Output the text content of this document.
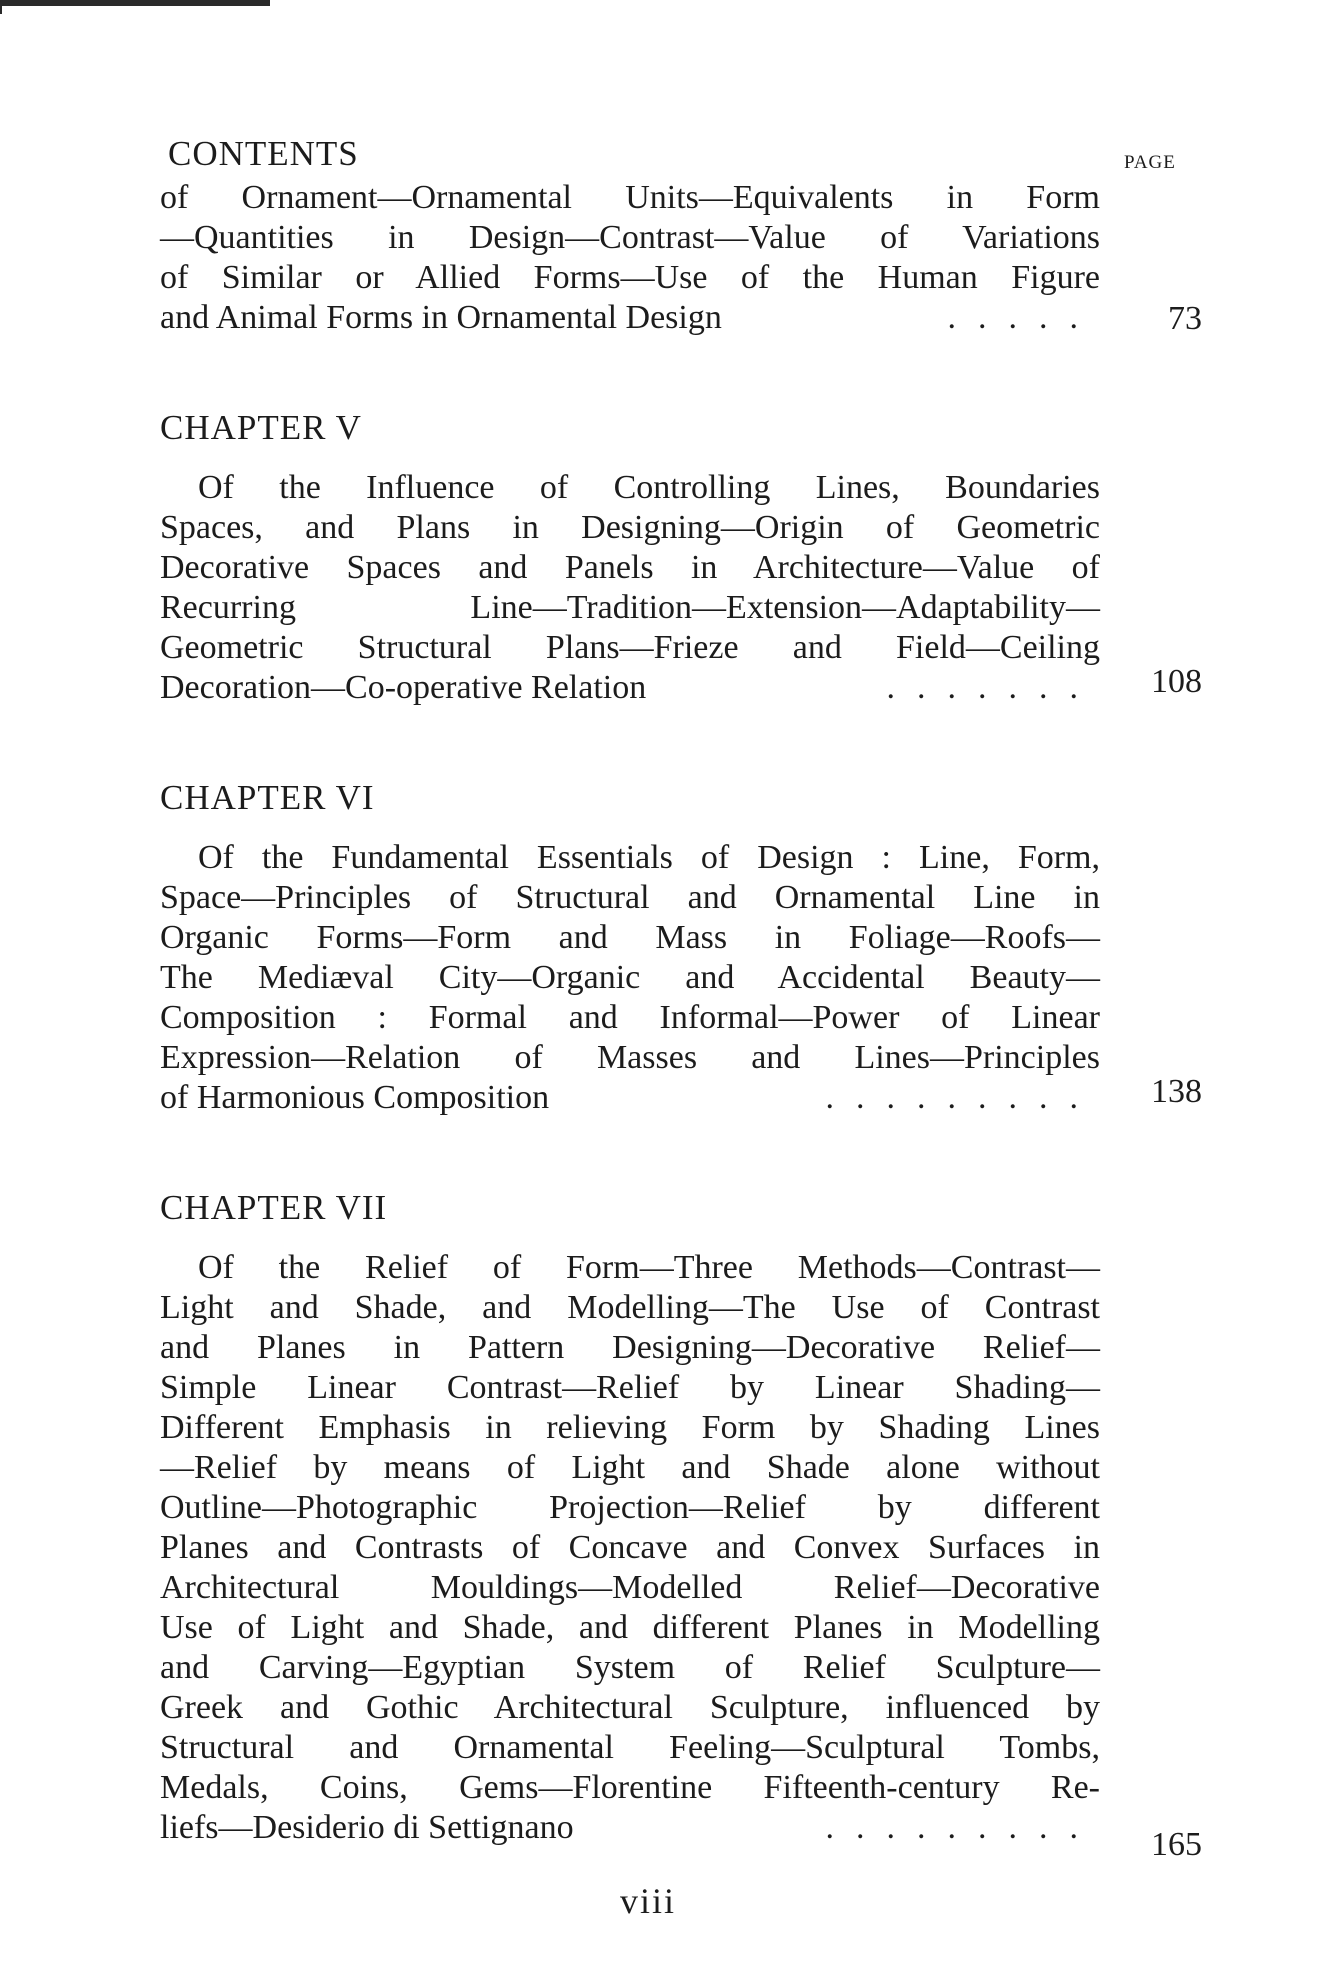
CONTENTS	PAGE
of Ornament—Ornamental Units—Equivalents in Form
—Quantities in Design—Contrast—Value of Variations
of Similar or Allied Forms—Use of the Human Figure
and Animal Forms in Ornamental Design	.....	73
CHAPTER V
Of the Influence of Controlling Lines, Boundaries
Spaces, and Plans in Designing—Origin of Geometric
Decorative Spaces and Panels in Architecture—Value of
Recurring Line—Tradition—Extension—Adaptability—
Geometric Structural Plans—Frieze and Field—Ceiling
Decoration—Co-operative Relation	....... 108
CHAPTER VI
Of the Fundamental Essentials of Design : Line, Form,
Space—Principles of Structural and Ornamental Line in
Organic Forms—Form and Mass in Foliage—Roofs—
The Mediæval City—Organic and Accidental Beauty—
Composition : Formal and Informal—Power of Linear
Expression—Relation of Masses and Lines—Principles
of Harmonious Composition	......... 138
CHAPTER VII
Of the Relief of Form—Three Methods—Contrast—
Light and Shade, and Modelling—The Use of Contrast
and Planes in Pattern Designing—Decorative Relief—
Simple Linear Contrast—Relief by Linear Shading—
Different Emphasis in relieving Form by Shading Lines
—Relief by means of Light and Shade alone without
Outline—Photographic Projection—Relief by different
Planes and Contrasts of Concave and Convex Surfaces in
Architectural Mouldings—Modelled Relief—Decorative
Use of Light and Shade, and different Planes in Modelling
and Carving—Egyptian System of Relief Sculpture—
Greek and Gothic Architectural Sculpture, influenced by
Structural and Ornamental Feeling—Sculptural Tombs,
Medals, Coins, Gems—Florentine Fifteenth-century Re-
liefs—Desiderio di Settignano	......... 165
viii
